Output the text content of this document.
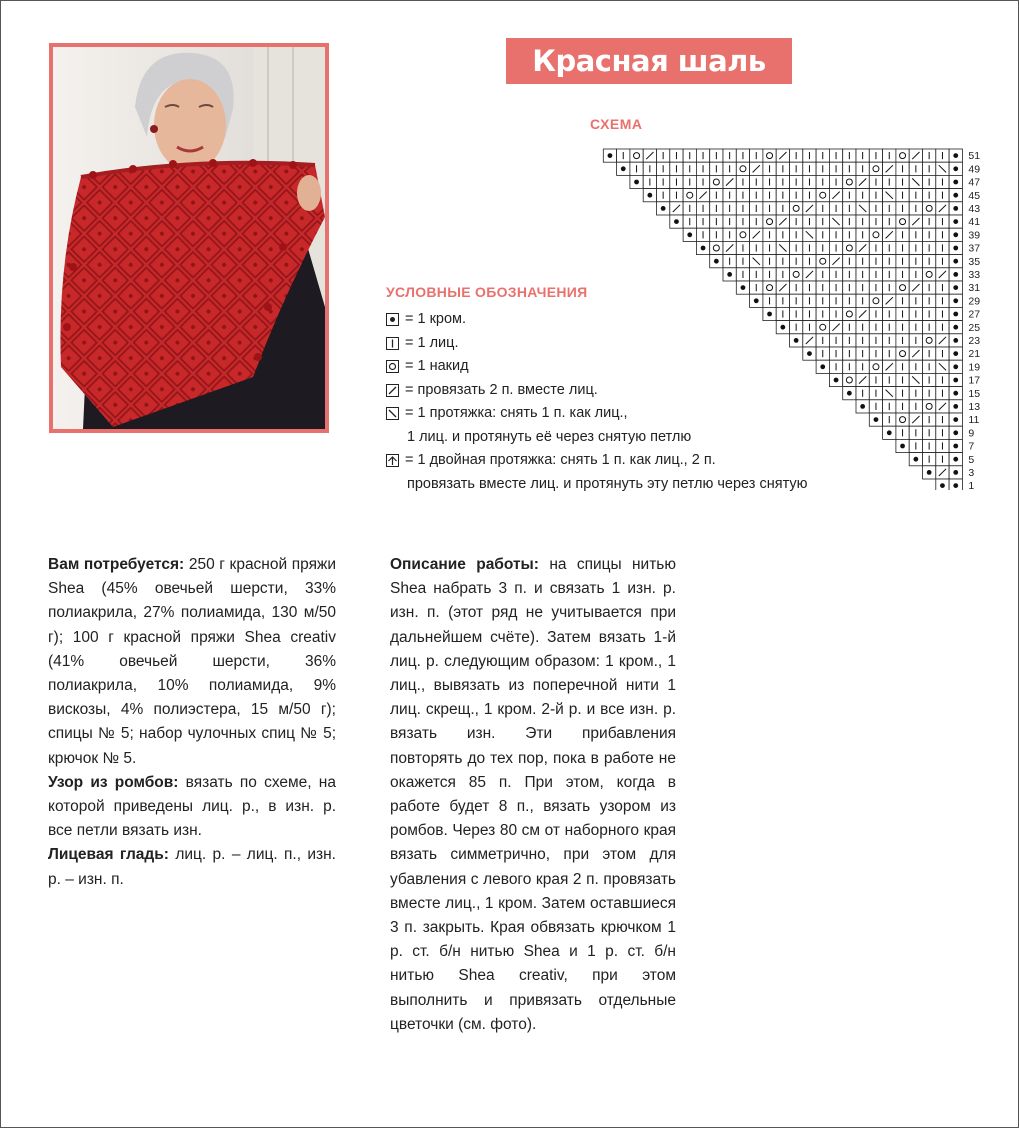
Красная шаль
СХЕМА
51
49
47
45
43
41
39
37
35
33
31
29
27
25
23
21
19
17
15
13
11
9
7
5
3
1
УСЛОВНЫЕ ОБОЗНАЧЕНИЯ
= 1 кром.
= 1 лиц.
= 1 накид
= провязать 2 п. вместе лиц.
= 1 протяжка: снять 1 п. как лиц.,
1 лиц. и протянуть её через снятую петлю
= 1 двойная протяжка: снять 1 п. как лиц., 2 п.
провязать вместе лиц. и протянуть эту петлю через снятую

Вам потребуется: 250 г красной пряжи Shea (45% овечьей шерсти, 33% полиакрила, 27% полиамида, 130 м/50 г); 100 г красной пряжи Shea creativ (41% овечьей шерсти, 36% полиакрила, 10% полиамида, 9% вискозы, 4% полиэстера, 15 м/50 г); спицы № 5; набор чулочных спиц № 5; крючок № 5.

Узор из ромбов: вязать по схеме, на которой приведены лиц. р., в изн. р. все петли вязать изн.

Лицевая гладь: лиц. р. – лиц. п., изн. р. – изн. п.

Описание работы: на спицы нитью Shea набрать 3 п. и связать 1 изн. р. изн. п. (этот ряд не учитывается при дальнейшем счёте). Затем вязать 1-й лиц. р. следующим образом: 1 кром., 1 лиц., вывязать из поперечной нити 1 лиц. скрещ., 1 кром. 2-й р. и все изн. р. вязать изн. Эти прибавления повторять до тех пор, пока в работе не окажется 85 п. При этом, когда в работе будет 8 п., вязать узором из ромбов. Через 80 см от наборного края вязать симметрично, при этом для убавления с левого края 2 п. провязать вместе лиц., 1 кром. Затем оставшиеся 3 п. закрыть. Края обвязать крючком 1 р. ст. б/н нитью Shea и 1 р. ст. б/н нитью Shea creativ, при этом выполнить и привязать отдельные цветочки (см. фото).
